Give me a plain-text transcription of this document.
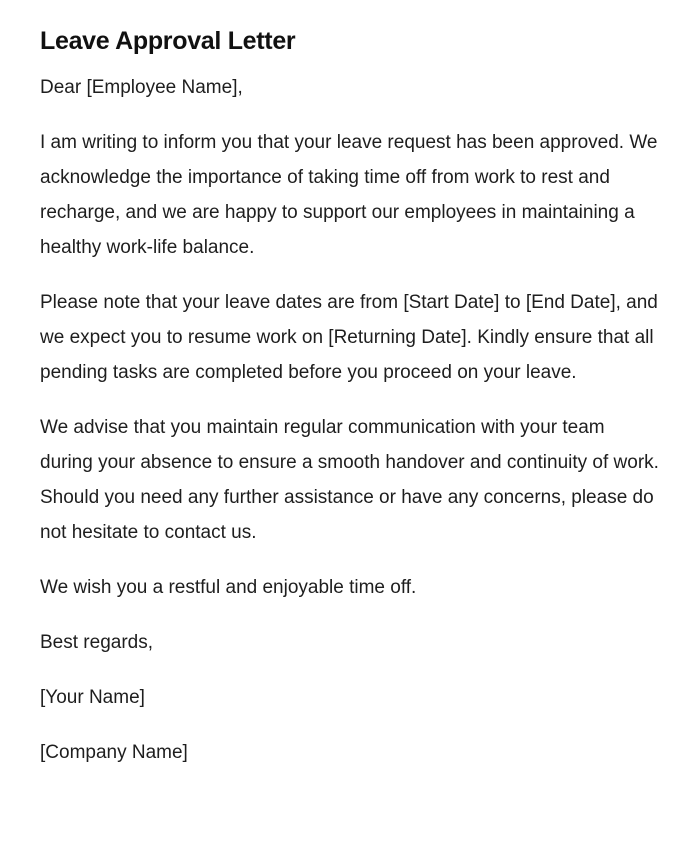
Leave Approval Letter

Dear [Employee Name],

I am writing to inform you that your leave request has been approved. We acknowledge the importance of taking time off from work to rest and recharge, and we are happy to support our employees in maintaining a healthy work-life balance.

Please note that your leave dates are from [Start Date] to [End Date], and we expect you to resume work on [Returning Date]. Kindly ensure that all pending tasks are completed before you proceed on your leave.

We advise that you maintain regular communication with your team during your absence to ensure a smooth handover and continuity of work. Should you need any further assistance or have any concerns, please do not hesitate to contact us.

We wish you a restful and enjoyable time off.

Best regards,

[Your Name]

[Company Name]
